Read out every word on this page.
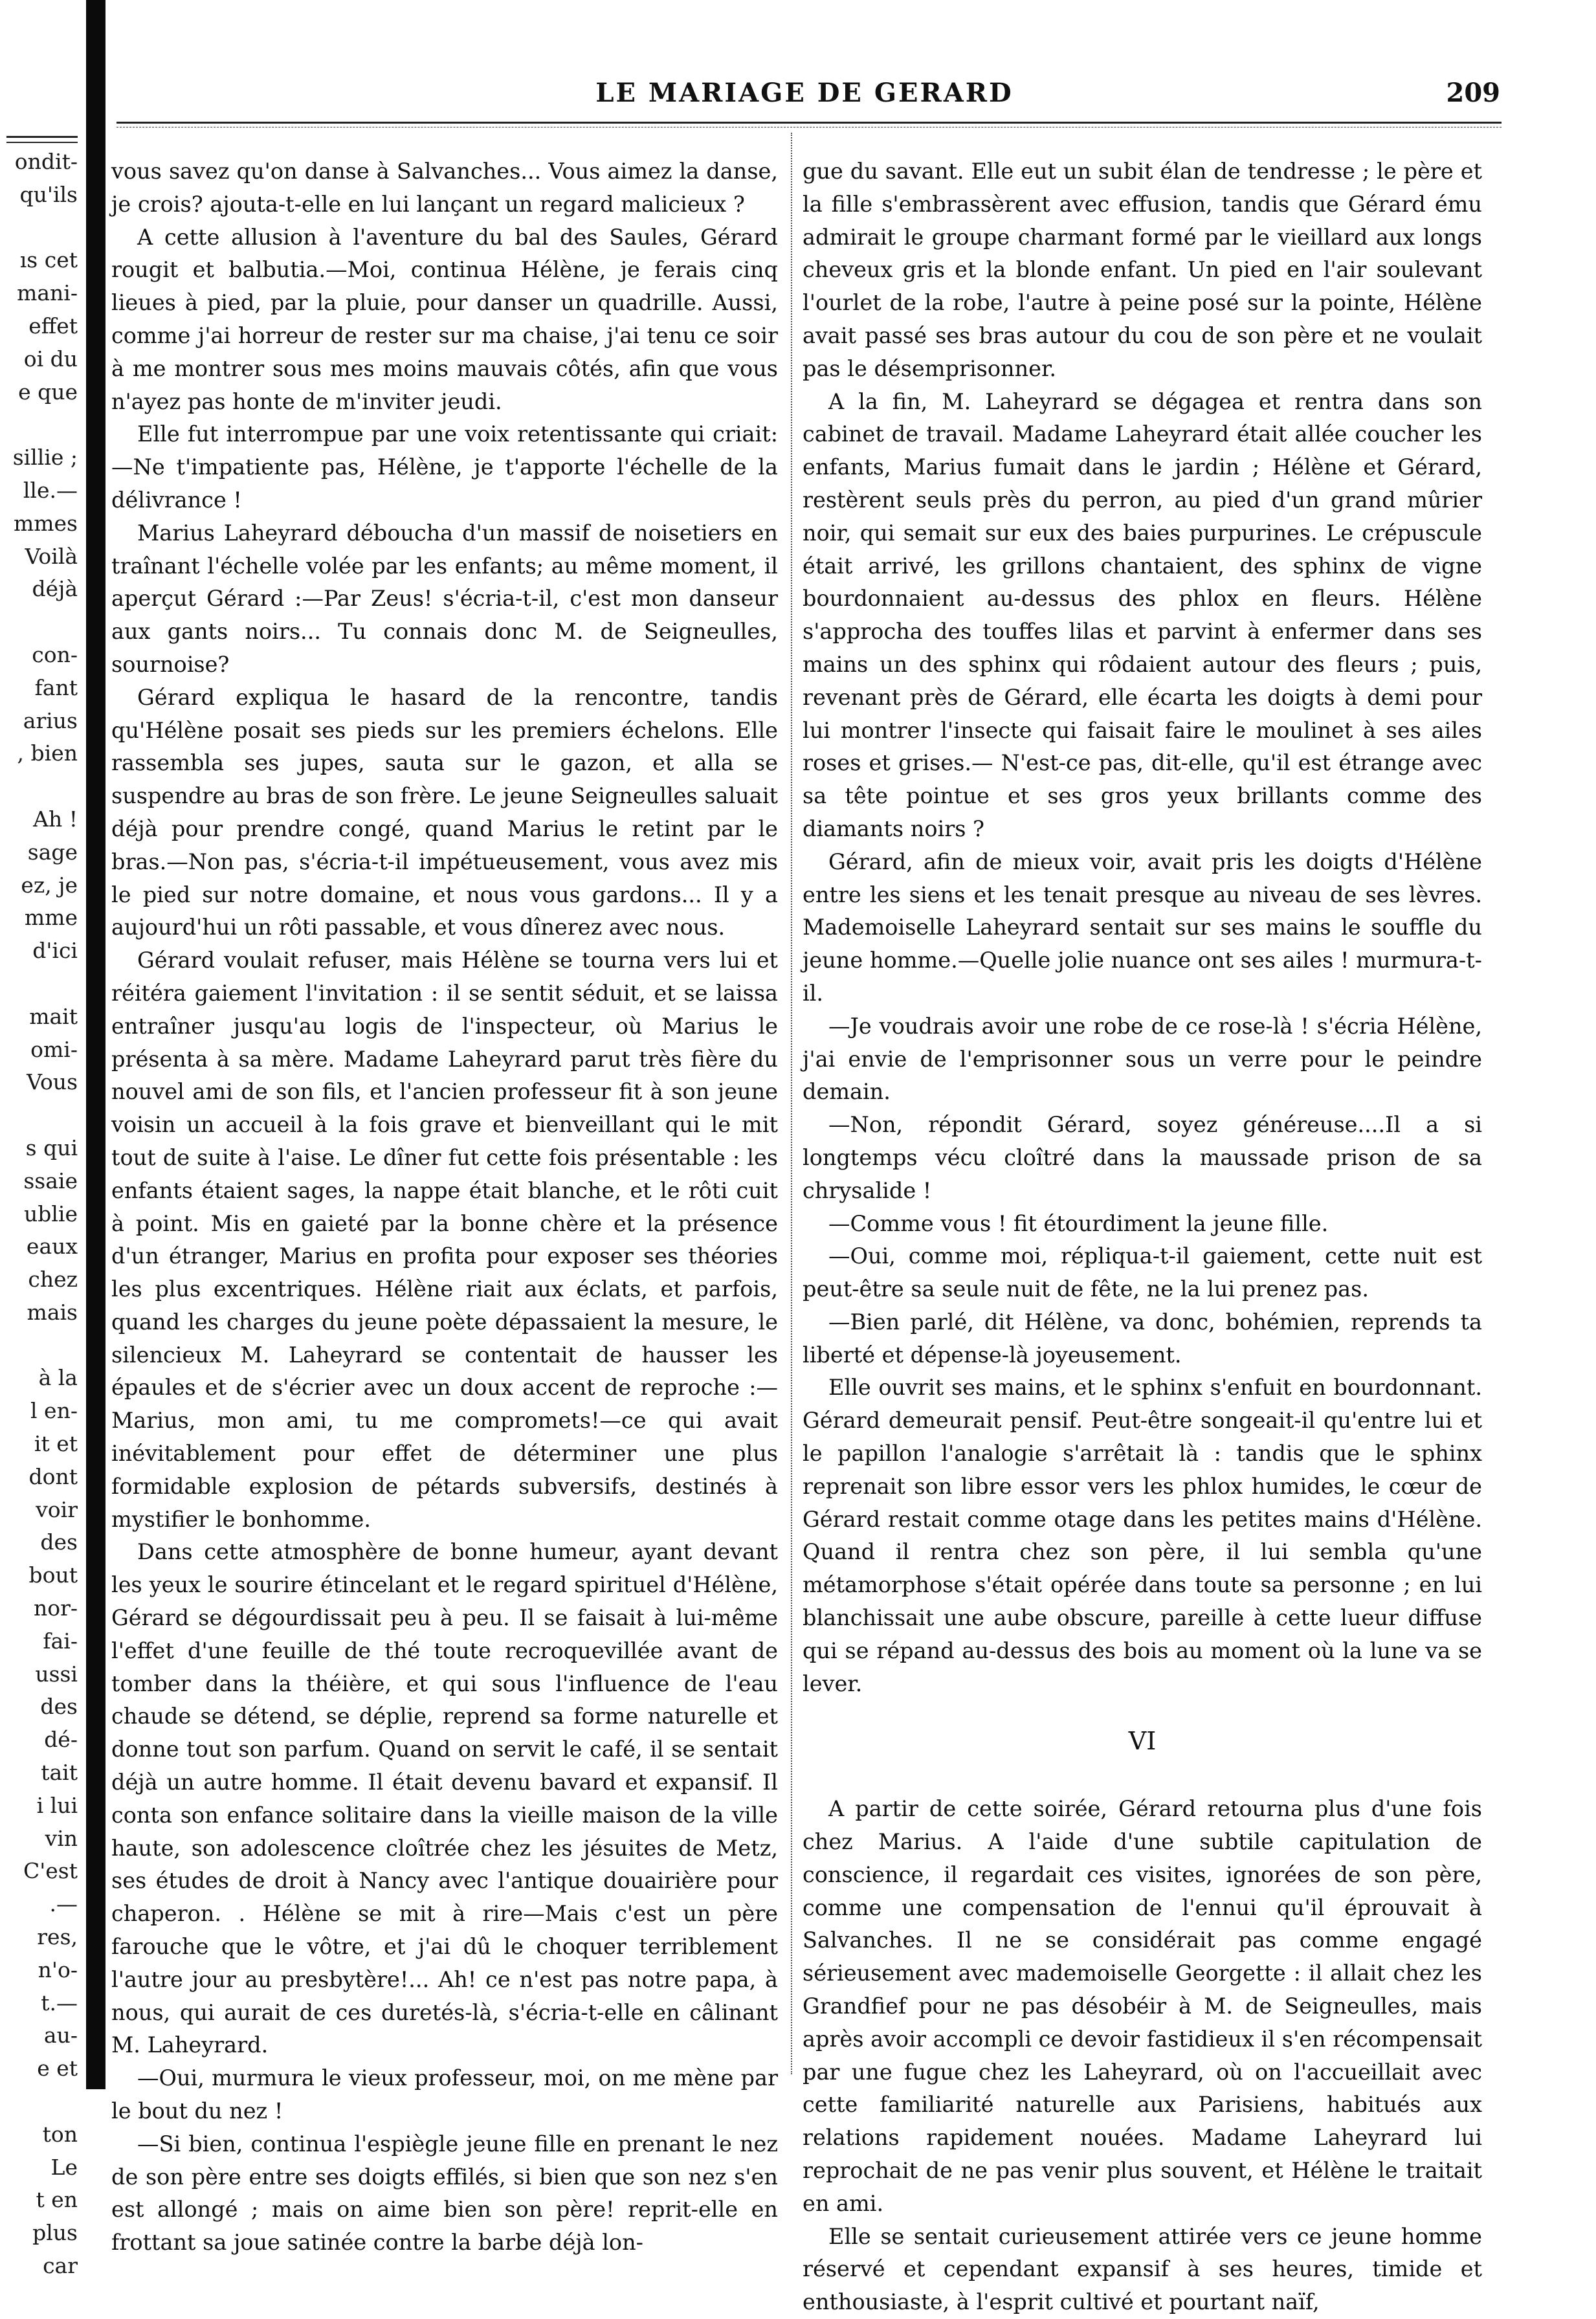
ondit-
qu'ils

ıs cet
mani-
effet
oi du
e que

sillie ;
lle.—
mmes
Voilà
déjà

con-
fant
arius
, bien

Ah !
sage
ez, je
mme
d'ici

mait
omi-
Vous

s qui
ssaie
ublie
eaux
chez
mais

à la
l en-
it et
dont
voir
des
bout
nor-
fai-
ussi
des
dé-
tait
i lui
vin
C'est
.—
res,
n'o-
t.—
au-
e et

ton
Le
t en
plus
car
LE MARIAGE DE GERARD	209

vous savez qu'on danse à Salvanches... Vous aimez la danse, je crois? ajouta-t-elle en lui lançant un regard malicieux ?

A cette allusion à l'aventure du bal des Saules, Gérard rougit et balbutia.—Moi, continua Hélène, je ferais cinq lieues à pied, par la pluie, pour danser un quadrille. Aussi, comme j'ai horreur de rester sur ma chaise, j'ai tenu ce soir à me montrer sous mes moins mauvais côtés, afin que vous n'ayez pas honte de m'inviter jeudi.

Elle fut interrompue par une voix retentissante qui criait:—Ne t'impatiente pas, Hélène, je t'apporte l'échelle de la délivrance !

Marius Laheyrard déboucha d'un massif de noisetiers en traînant l'échelle volée par les enfants; au même moment, il aperçut Gérard :—Par Zeus! s'écria-t-il, c'est mon danseur aux gants noirs... Tu connais donc M. de Seigneulles, sournoise?

Gérard expliqua le hasard de la rencontre, tandis qu'Hélène posait ses pieds sur les premiers échelons. Elle rassembla ses jupes, sauta sur le gazon, et alla se suspendre au bras de son frère. Le jeune Seigneulles saluait déjà pour prendre congé, quand Marius le retint par le bras.—Non pas, s'écria-t-il impétueusement, vous avez mis le pied sur notre domaine, et nous vous gardons... Il y a aujourd'hui un rôti passable, et vous dînerez avec nous.

Gérard voulait refuser, mais Hélène se tourna vers lui et réitéra gaiement l'invitation : il se sentit séduit, et se laissa entraîner jusqu'au logis de l'inspecteur, où Marius le présenta à sa mère. Madame Laheyrard parut très fière du nouvel ami de son fils, et l'ancien professeur fit à son jeune voisin un accueil à la fois grave et bienveillant qui le mit tout de suite à l'aise. Le dîner fut cette fois présentable : les enfants étaient sages, la nappe était blanche, et le rôti cuit à point. Mis en gaieté par la bonne chère et la présence d'un étranger, Marius en profita pour exposer ses théories les plus excentriques. Hélène riait aux éclats, et parfois, quand les charges du jeune poète dépassaient la mesure, le silencieux M. Laheyrard se contentait de hausser les épaules et de s'écrier avec un doux accent de reproche :—Marius, mon ami, tu me compromets!—ce qui avait inévitablement pour effet de déterminer une plus formidable explosion de pétards subversifs, destinés à mystifier le bonhomme.

Dans cette atmosphère de bonne humeur, ayant devant les yeux le sourire étincelant et le regard spirituel d'Hélène, Gérard se dégourdissait peu à peu. Il se faisait à lui-même l'effet d'une feuille de thé toute recroquevillée avant de tomber dans la théière, et qui sous l'influence de l'eau chaude se détend, se déplie, reprend sa forme naturelle et donne tout son parfum. Quand on servit le café, il se sentait déjà un autre homme. Il était devenu bavard et expansif. Il conta son enfance solitaire dans la vieille maison de la ville haute, son adolescence cloîtrée chez les jésuites de Metz, ses études de droit à Nancy avec l'antique douairière pour chaperon. . Hélène se mit à rire—Mais c'est un père farouche que le vôtre, et j'ai dû le choquer terriblement l'autre jour au presbytère!... Ah! ce n'est pas notre papa, à nous, qui aurait de ces duretés-là, s'écria-t-elle en câlinant M. Laheyrard.

—Oui, murmura le vieux professeur, moi, on me mène par le bout du nez !

—Si bien, continua l'espiègle jeune fille en prenant le nez de son père entre ses doigts effilés, si bien que son nez s'en est allongé ; mais on aime bien son père! reprit-elle en frottant sa joue satinée contre la barbe déjà lon-

gue du savant. Elle eut un subit élan de tendresse ; le père et la fille s'embrassèrent avec effusion, tandis que Gérard ému admirait le groupe charmant formé par le vieillard aux longs cheveux gris et la blonde enfant. Un pied en l'air soulevant l'ourlet de la robe, l'autre à peine posé sur la pointe, Hélène avait passé ses bras autour du cou de son père et ne voulait pas le désemprisonner.

A la fin, M. Laheyrard se dégagea et rentra dans son cabinet de travail. Madame Laheyrard était allée coucher les enfants, Marius fumait dans le jardin ; Hélène et Gérard, restèrent seuls près du perron, au pied d'un grand mûrier noir, qui semait sur eux des baies purpurines. Le crépuscule était arrivé, les grillons chantaient, des sphinx de vigne bourdonnaient au-dessus des phlox en fleurs. Hélène s'approcha des touffes lilas et parvint à enfermer dans ses mains un des sphinx qui rôdaient autour des fleurs ; puis, revenant près de Gérard, elle écarta les doigts à demi pour lui montrer l'insecte qui faisait faire le moulinet à ses ailes roses et grises.— N'est-ce pas, dit-elle, qu'il est étrange avec sa tête pointue et ses gros yeux brillants comme des diamants noirs ?

Gérard, afin de mieux voir, avait pris les doigts d'Hélène entre les siens et les tenait presque au niveau de ses lèvres. Mademoiselle Laheyrard sentait sur ses mains le souffle du jeune homme.—Quelle jolie nuance ont ses ailes ! murmura-t-il.

—Je voudrais avoir une robe de ce rose-là ! s'écria Hélène, j'ai envie de l'emprisonner sous un verre pour le peindre demain.

—Non, répondit Gérard, soyez généreuse....Il a si longtemps vécu cloîtré dans la maussade prison de sa chrysalide !

—Comme vous ! fit étourdiment la jeune fille.

—Oui, comme moi, répliqua-t-il gaiement, cette nuit est peut-être sa seule nuit de fête, ne la lui prenez pas.

—Bien parlé, dit Hélène, va donc, bohémien, reprends ta liberté et dépense-là joyeusement.

Elle ouvrit ses mains, et le sphinx s'enfuit en bourdonnant. Gérard demeurait pensif. Peut-être songeait-il qu'entre lui et le papillon l'analogie s'arrêtait là : tandis que le sphinx reprenait son libre essor vers les phlox humides, le cœur de Gérard restait comme otage dans les petites mains d'Hélène. Quand il rentra chez son père, il lui sembla qu'une métamorphose s'était opérée dans toute sa personne ; en lui blanchissait une aube obscure, pareille à cette lueur diffuse qui se répand au-dessus des bois au moment où la lune va se lever.

VI

A partir de cette soirée, Gérard retourna plus d'une fois chez Marius. A l'aide d'une subtile capitulation de conscience, il regardait ces visites, ignorées de son père, comme une compensation de l'ennui qu'il éprouvait à Salvanches. Il ne se considérait pas comme engagé sérieusement avec mademoiselle Georgette : il allait chez les Grandfief pour ne pas désobéir à M. de Seigneulles, mais après avoir accompli ce devoir fastidieux il s'en récompensait par une fugue chez les Laheyrard, où on l'accueillait avec cette familiarité naturelle aux Parisiens, habitués aux relations rapidement nouées. Madame Laheyrard lui reprochait de ne pas venir plus souvent, et Hélène le traitait en ami.

Elle se sentait curieusement attirée vers ce jeune homme réservé et cependant expansif à ses heures, timide et enthousiaste, à l'esprit cultivé et pourtant naïf,
